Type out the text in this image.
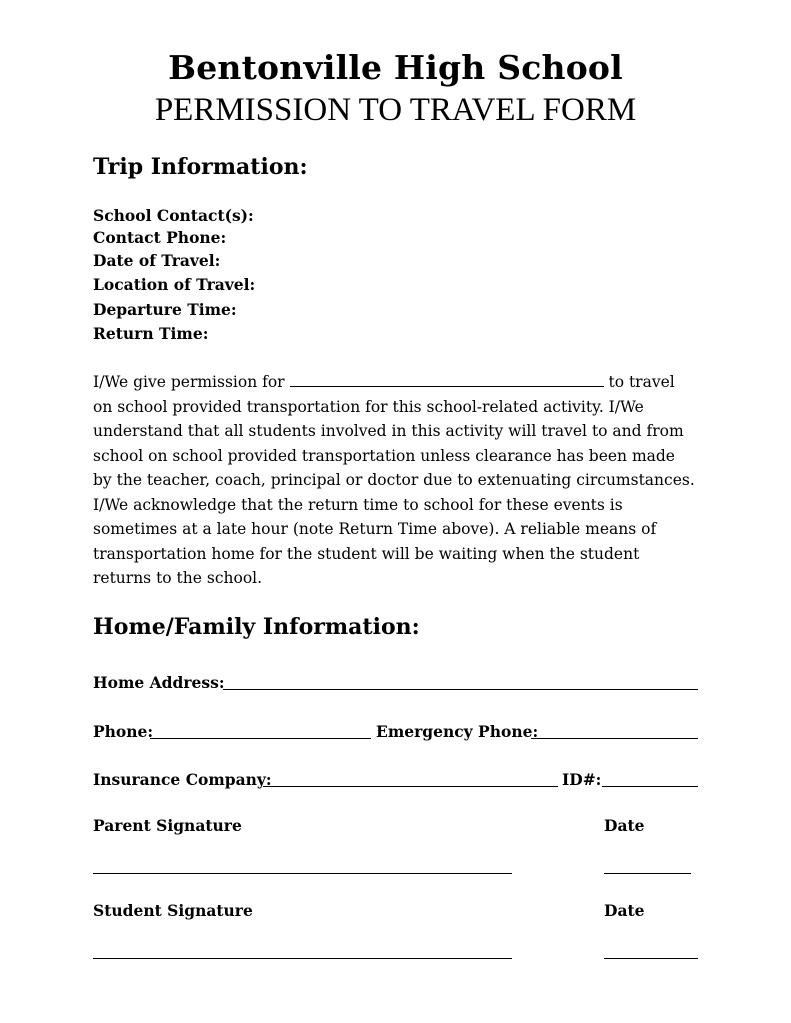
Bentonville High School
PERMISSION TO TRAVEL FORM
Trip Information:
School Contact(s):
Contact Phone:
Date of Travel:
Location of Travel:
Departure Time:
Return Time:

I/We give permission for	to travel on school provided transportation for this school-related activity. I/We understand that all students involved in this activity will travel to and from school on school provided transportation unless clearance has been made by the teacher, coach, principal or doctor due to extenuating circumstances. I/We acknowledge that the return time to school for these events is sometimes at a late hour (note Return Time above). A reliable means of transportation home for the student will be waiting when the student returns to the school.

Home/Family Information:
Home Address:
Phone:	Emergency Phone:
Insurance Company:	ID#:
Parent Signature	Date
Student Signature	Date
